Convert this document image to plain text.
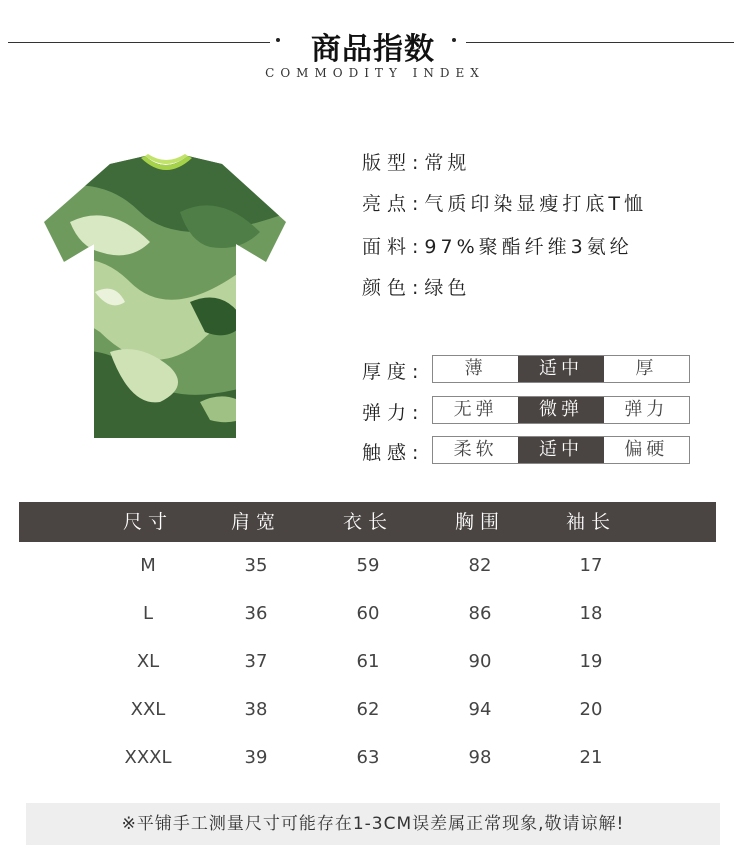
商品指数
COMMODITY INDEX
版型:常规
亮点:气质印染显瘦打底T恤
面料:97%聚酯纤维3氨纶
颜色:绿色
厚度:	薄	适中	厚
弹力:	无弹	微弹	弹力
触感:	柔软	适中	偏硬
尺寸	肩宽	衣长	胸围	袖长
M	35	59	82	17
L	36	60	86	18
XL	37	61	90	19
XXL	38	62	94	20
XXXL	39	63	98	21
※平铺手工测量尺寸可能存在1-3CM误差属正常现象,敬请谅解!
